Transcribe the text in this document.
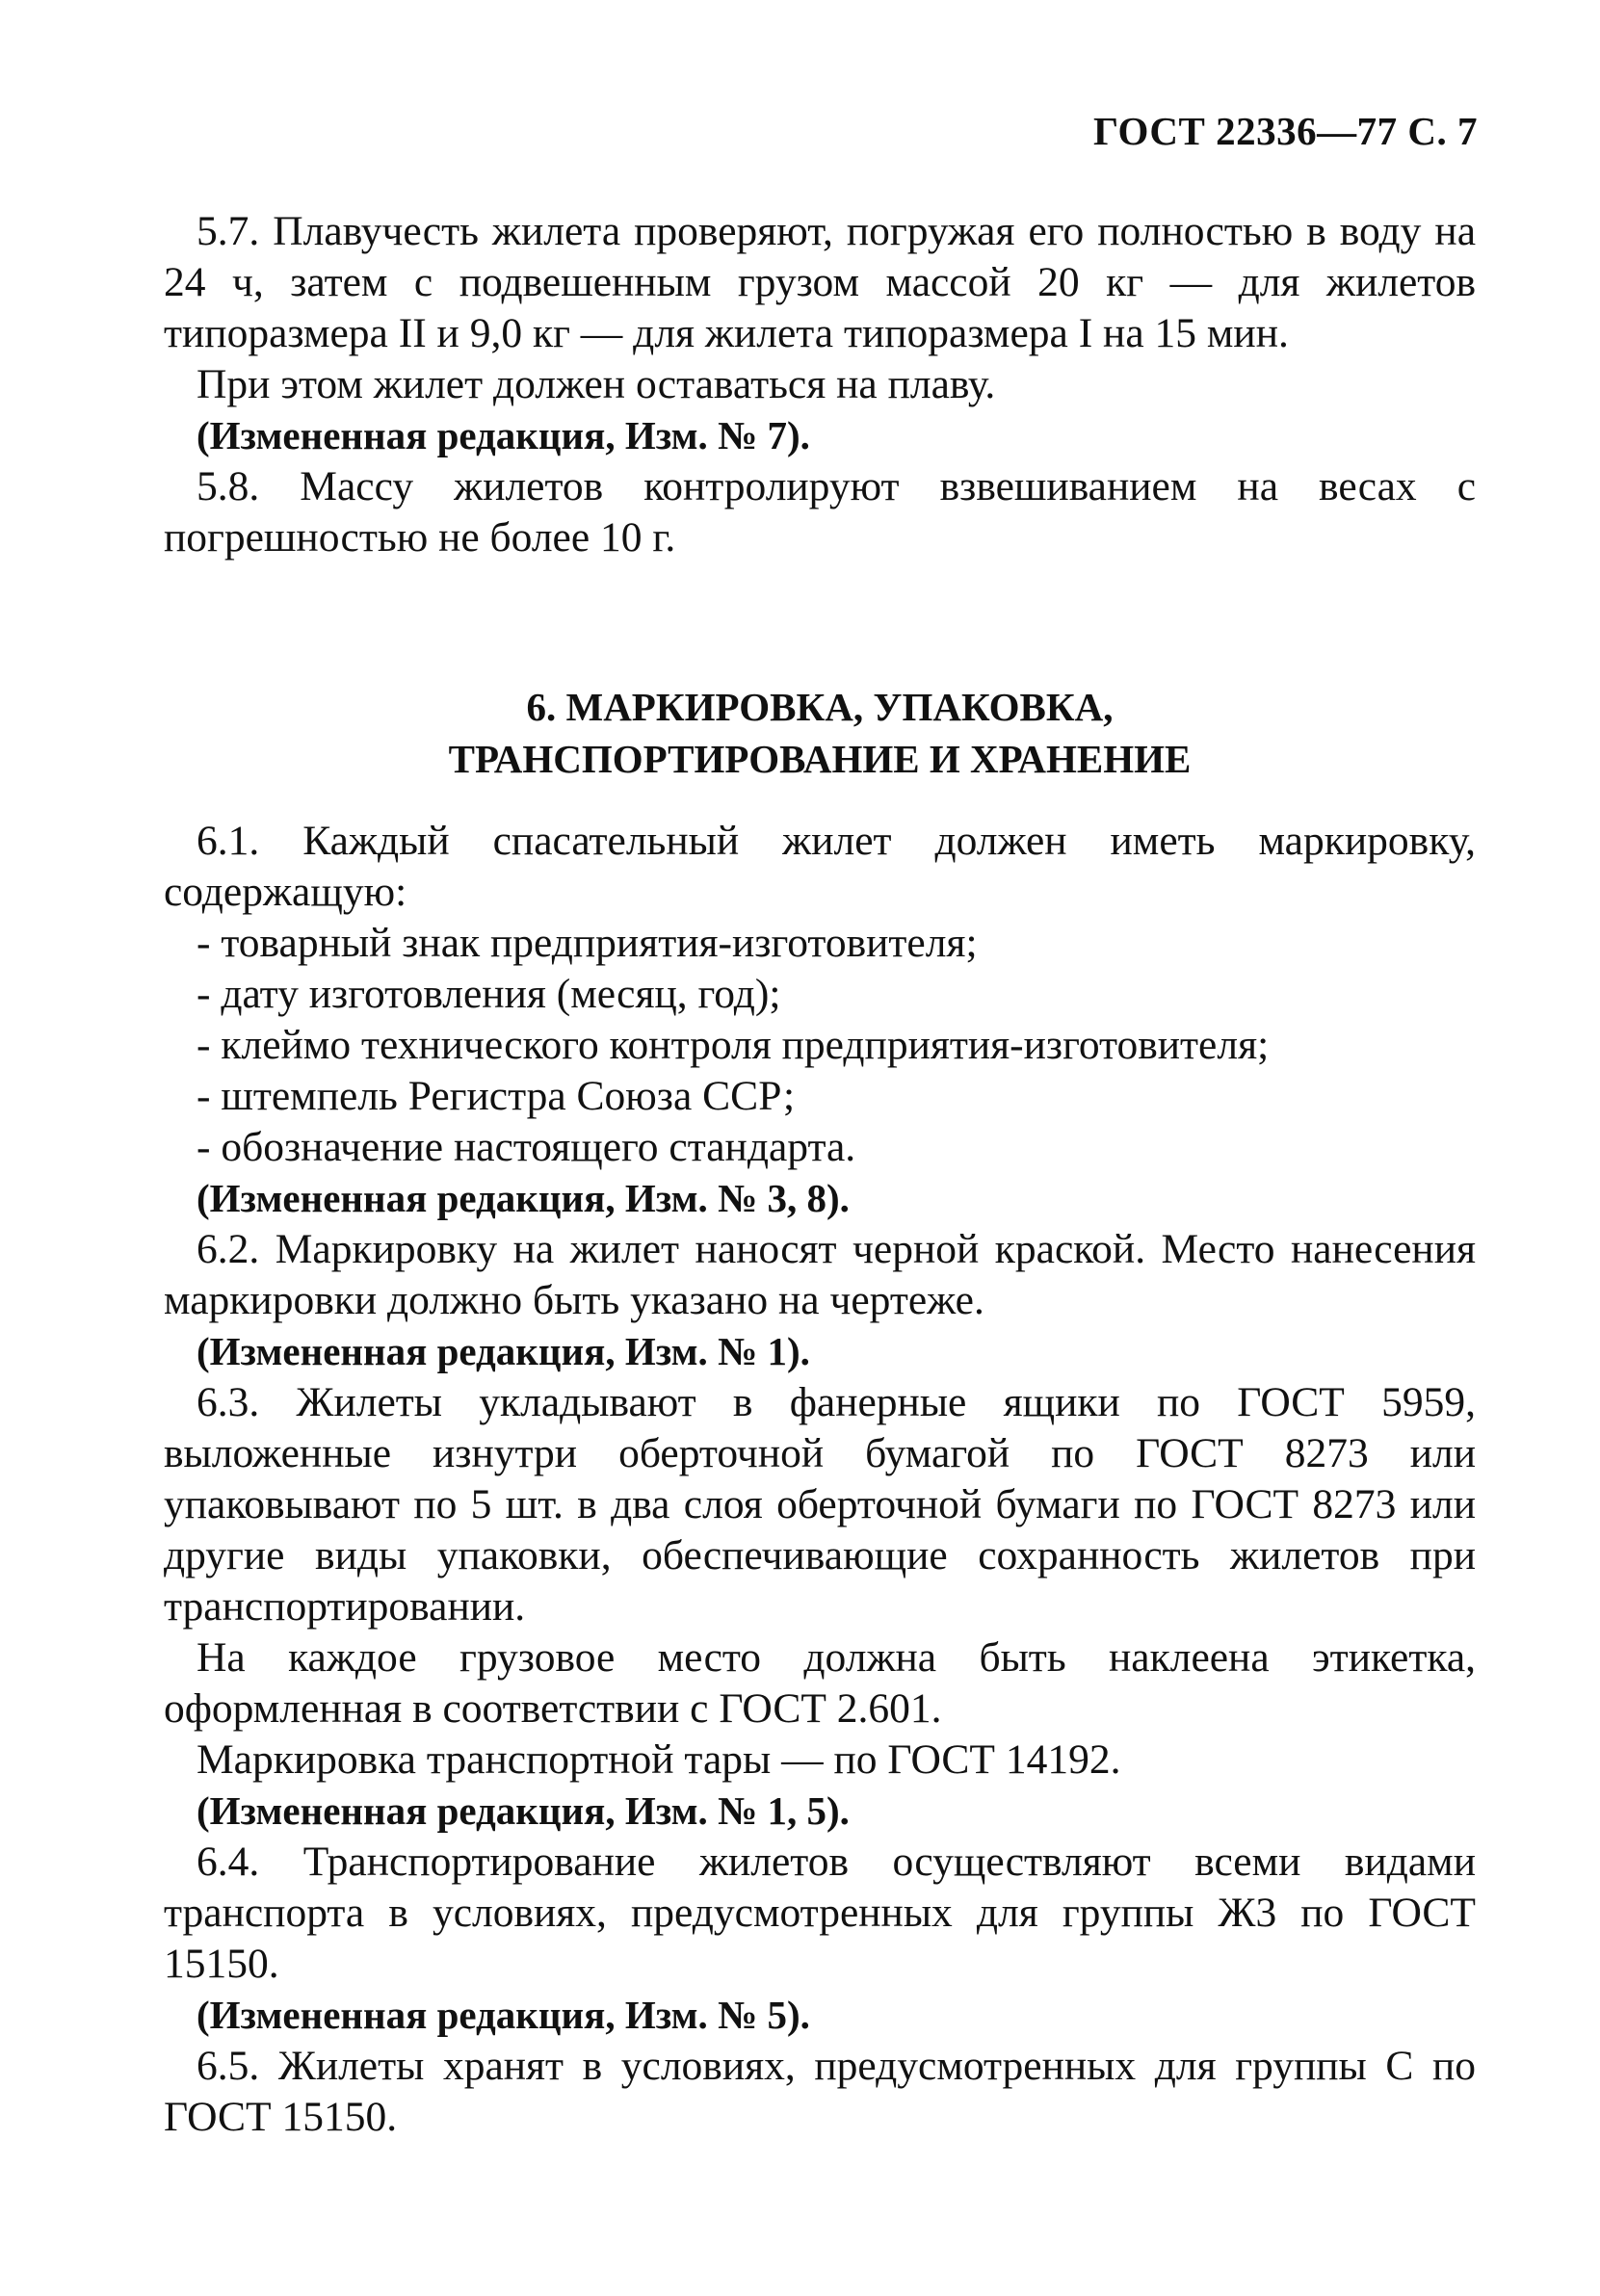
ГОСТ 22336—77 С. 7

5.7. Плавучесть жилета проверяют, погружая его полностью в воду на 24 ч, затем с подвешенным грузом массой 20 кг — для жилетов типоразмера II и 9,0 кг — для жилета типоразмера I на 15 мин.

При этом жилет должен оставаться на плаву.

(Измененная редакция, Изм. № 7).

5.8. Массу жилетов контролируют взвешиванием на весах с погрешностью не более 10 г.

6. МАРКИРОВКА, УПАКОВКА,
ТРАНСПОРТИРОВАНИЕ И ХРАНЕНИЕ

6.1. Каждый спасательный жилет должен иметь маркировку, содержащую:

- товарный знак предприятия-изготовителя;

- дату изготовления (месяц, год);

- клеймо технического контроля предприятия-изготовителя;

- штемпель Регистра Союза ССР;

- обозначение настоящего стандарта.

(Измененная редакция, Изм. № 3, 8).

6.2. Маркировку на жилет наносят черной краской. Место нанесения маркировки должно быть указано на чертеже.

(Измененная редакция, Изм. № 1).

6.3. Жилеты укладывают в фанерные ящики по ГОСТ 5959, выложенные изнутри оберточной бумагой по ГОСТ 8273 или упаковывают по 5 шт. в два слоя оберточной бумаги по ГОСТ 8273 или другие виды упаковки, обеспечивающие сохранность жилетов при транспортировании.

На каждое грузовое место должна быть наклеена этикетка, оформленная в соответствии с ГОСТ 2.601.

Маркировка транспортной тары — по ГОСТ 14192.

(Измененная редакция, Изм. № 1, 5).

6.4. Транспортирование жилетов осуществляют всеми видами транспорта в условиях, предусмотренных для группы Ж3 по ГОСТ 15150.

(Измененная редакция, Изм. № 5).

6.5. Жилеты хранят в условиях, предусмотренных для группы С по ГОСТ 15150.
